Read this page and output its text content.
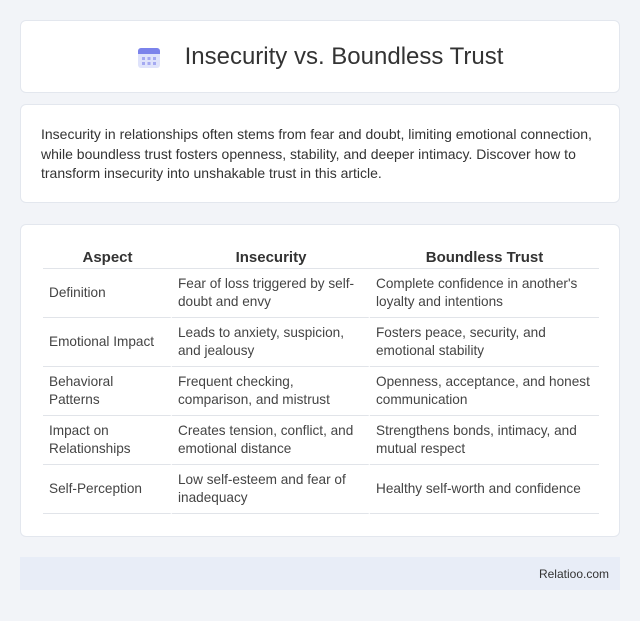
Insecurity vs. Boundless Trust

Insecurity in relationships often stems from fear and doubt, limiting emotional connection, while boundless trust fosters openness, stability, and deeper intimacy. Discover how to transform insecurity into unshakable trust in this article.

Aspect	Insecurity	Boundless Trust
Definition	Fear of loss triggered by self-doubt and envy	Complete confidence in another's loyalty and intentions
Emotional Impact	Leads to anxiety, suspicion, and jealousy	Fosters peace, security, and emotional stability
Behavioral Patterns	Frequent checking, comparison, and mistrust	Openness, acceptance, and honest communication
Impact on Relationships	Creates tension, conflict, and emotional distance	Strengthens bonds, intimacy, and mutual respect
Self-Perception	Low self-esteem and fear of inadequacy	Healthy self-worth and confidence
Relatioo.com
